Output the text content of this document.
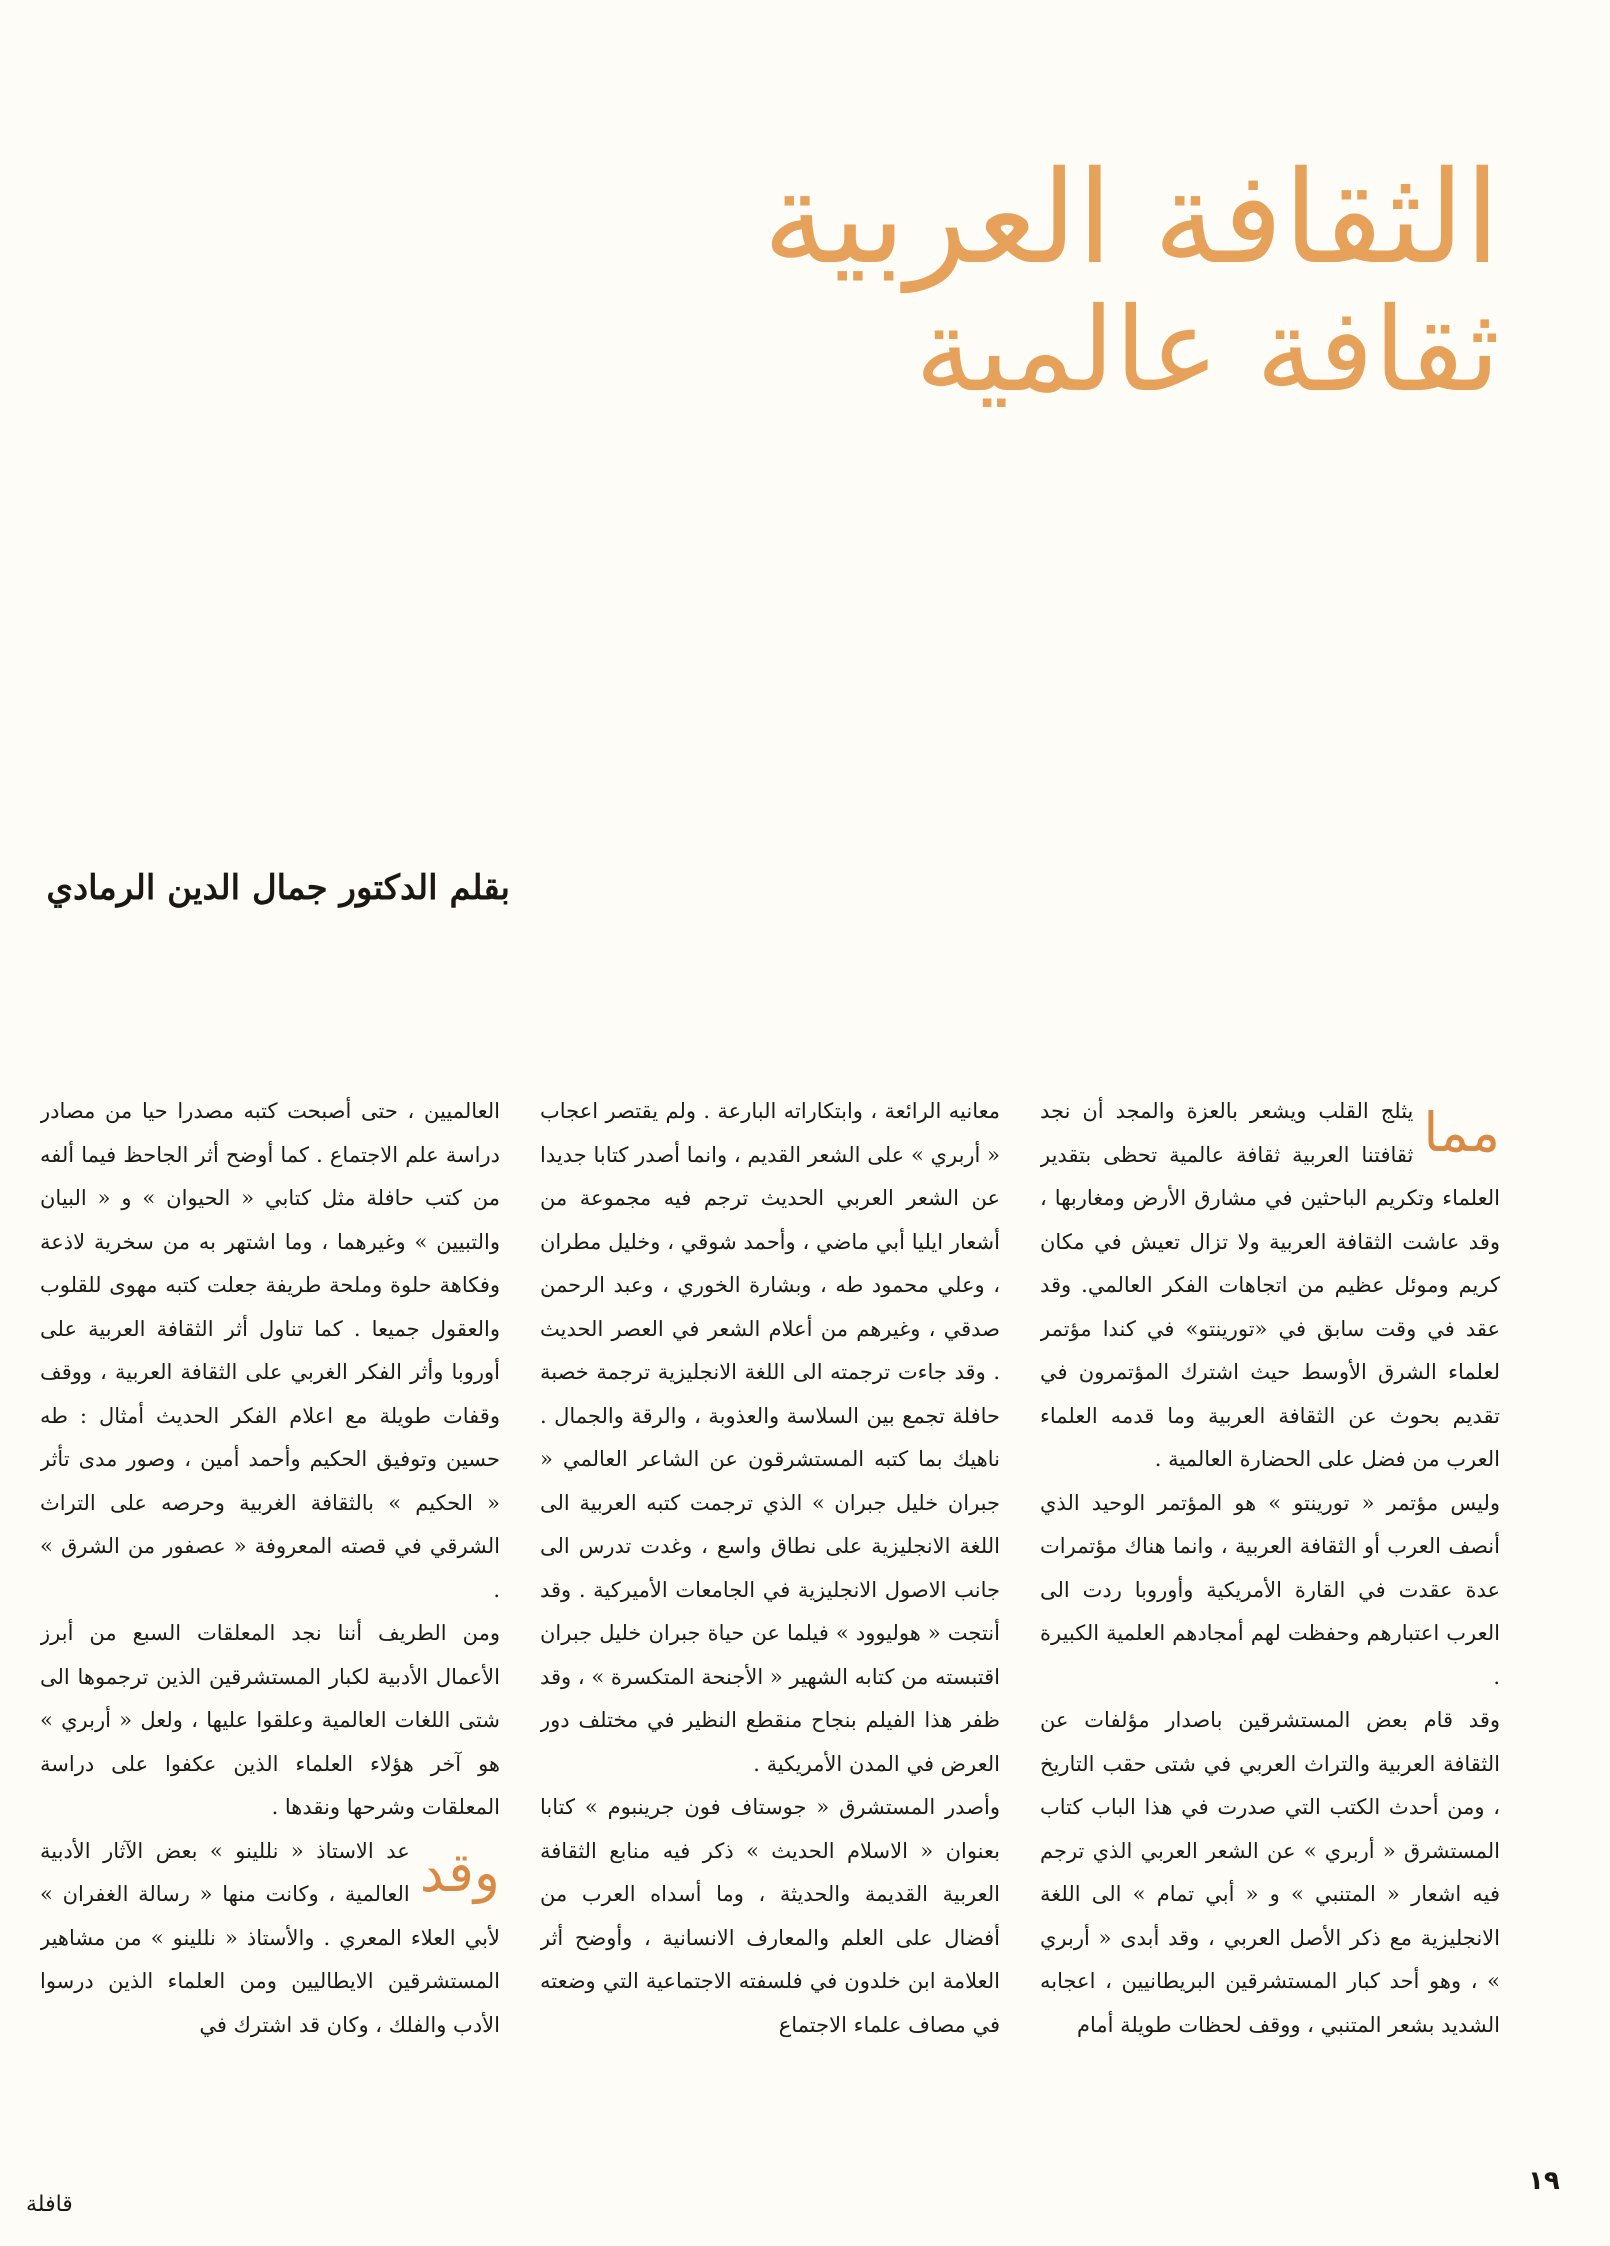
الثقافة العربية
ثقافة عالمية
بقلم الدكتور جمال الدين الرمادي
مما

يثلج القلب ويشعر بالعزة والمجد أن نجد ثقافتنا العربية ثقافة عالمية تحظى بتقدير العلماء وتكريم الباحثين في مشارق الأرض ومغاربها ، وقد عاشت الثقافة العربية ولا تزال تعيش في مكان كريم وموئل عظيم من اتجاهات الفكر العالمي. وقد عقد في وقت سابق في «تورينتو» في كندا مؤتمر لعلماء الشرق الأوسط حيث اشترك المؤتمرون في تقديم بحوث عن الثقافة العربية وما قدمه العلماء العرب من فضل على الحضارة العالمية .

وليس مؤتمر « تورينتو » هو المؤتمر الوحيد الذي أنصف العرب أو الثقافة العربية ، وانما هناك مؤتمرات عدة عقدت في القارة الأمريكية وأوروبا ردت الى العرب اعتبارهم وحفظت لهم أمجادهم العلمية الكبيرة .

وقد قام بعض المستشرقين باصدار مؤلفات عن الثقافة العربية والتراث العربي في شتى حقب التاريخ ، ومن أحدث الكتب التي صدرت في هذا الباب كتاب المستشرق « أربري » عن الشعر العربي الذي ترجم فيه اشعار « المتنبي » و « أبي تمام » الى اللغة الانجليزية مع ذكر الأصل العربي ، وقد أبدى « أربري » ، وهو أحد كبار المستشرقين البريطانيين ، اعجابه الشديد بشعر المتنبي ، ووقف لحظات طويلة أمام

معانيه الرائعة ، وابتكاراته البارعة . ولم يقتصر اعجاب « أربري » على الشعر القديم ، وانما أصدر كتابا جديدا عن الشعر العربي الحديث ترجم فيه مجموعة من أشعار ايليا أبي ماضي ، وأحمد شوقي ، وخليل مطران ، وعلي محمود طه ، وبشارة الخوري ، وعبد الرحمن صدقي ، وغيرهم من أعلام الشعر في العصر الحديث . وقد جاءت ترجمته الى اللغة الانجليزية ترجمة خصبة حافلة تجمع بين السلاسة والعذوبة ، والرقة والجمال . ناهيك بما كتبه المستشرقون عن الشاعر العالمي « جبران خليل جبران » الذي ترجمت كتبه العربية الى اللغة الانجليزية على نطاق واسع ، وغدت تدرس الى جانب الاصول الانجليزية في الجامعات الأميركية . وقد أنتجت « هوليوود » فيلما عن حياة جبران خليل جبران اقتبسته من كتابه الشهير « الأجنحة المتكسرة » ، وقد ظفر هذا الفيلم بنجاح منقطع النظير في مختلف دور العرض في المدن الأمريكية .

وأصدر المستشرق « جوستاف فون جرينبوم » كتابا بعنوان « الاسلام الحديث » ذكر فيه منابع الثقافة العربية القديمة والحديثة ، وما أسداه العرب من أفضال على العلم والمعارف الانسانية ، وأوضح أثر العلامة ابن خلدون في فلسفته الاجتماعية التي وضعته في مصاف علماء الاجتماع

العالميين ، حتى أصبحت كتبه مصدرا حيا من مصادر دراسة علم الاجتماع . كما أوضح أثر الجاحظ فيما ألفه من كتب حافلة مثل كتابي « الحيوان » و « البيان والتبيين » وغيرهما ، وما اشتهر به من سخرية لاذعة وفكاهة حلوة وملحة طريفة جعلت كتبه مهوى للقلوب والعقول جميعا . كما تناول أثر الثقافة العربية على أوروبا وأثر الفكر الغربي على الثقافة العربية ، ووقف وقفات طويلة مع اعلام الفكر الحديث أمثال : طه حسين وتوفيق الحكيم وأحمد أمين ، وصور مدى تأثر « الحكيم » بالثقافة الغربية وحرصه على التراث الشرقي في قصته المعروفة « عصفور من الشرق » .

ومن الطريف أننا نجد المعلقات السبع من أبرز الأعمال الأدبية لكبار المستشرقين الذين ترجموها الى شتى اللغات العالمية وعلقوا عليها ، ولعل « أربري » هو آخر هؤلاء العلماء الذين عكفوا على دراسة المعلقات وشرحها ونقدها .

وقد

عد الاستاذ « نللينو » بعض الآثار الأدبية العالمية ، وكانت منها « رسالة الغفران » لأبي العلاء المعري . والأستاذ « نللينو » من مشاهير المستشرقين الايطاليين ومن العلماء الذين درسوا الأدب والفلك ، وكان قد اشترك في

١٩
قافلة
